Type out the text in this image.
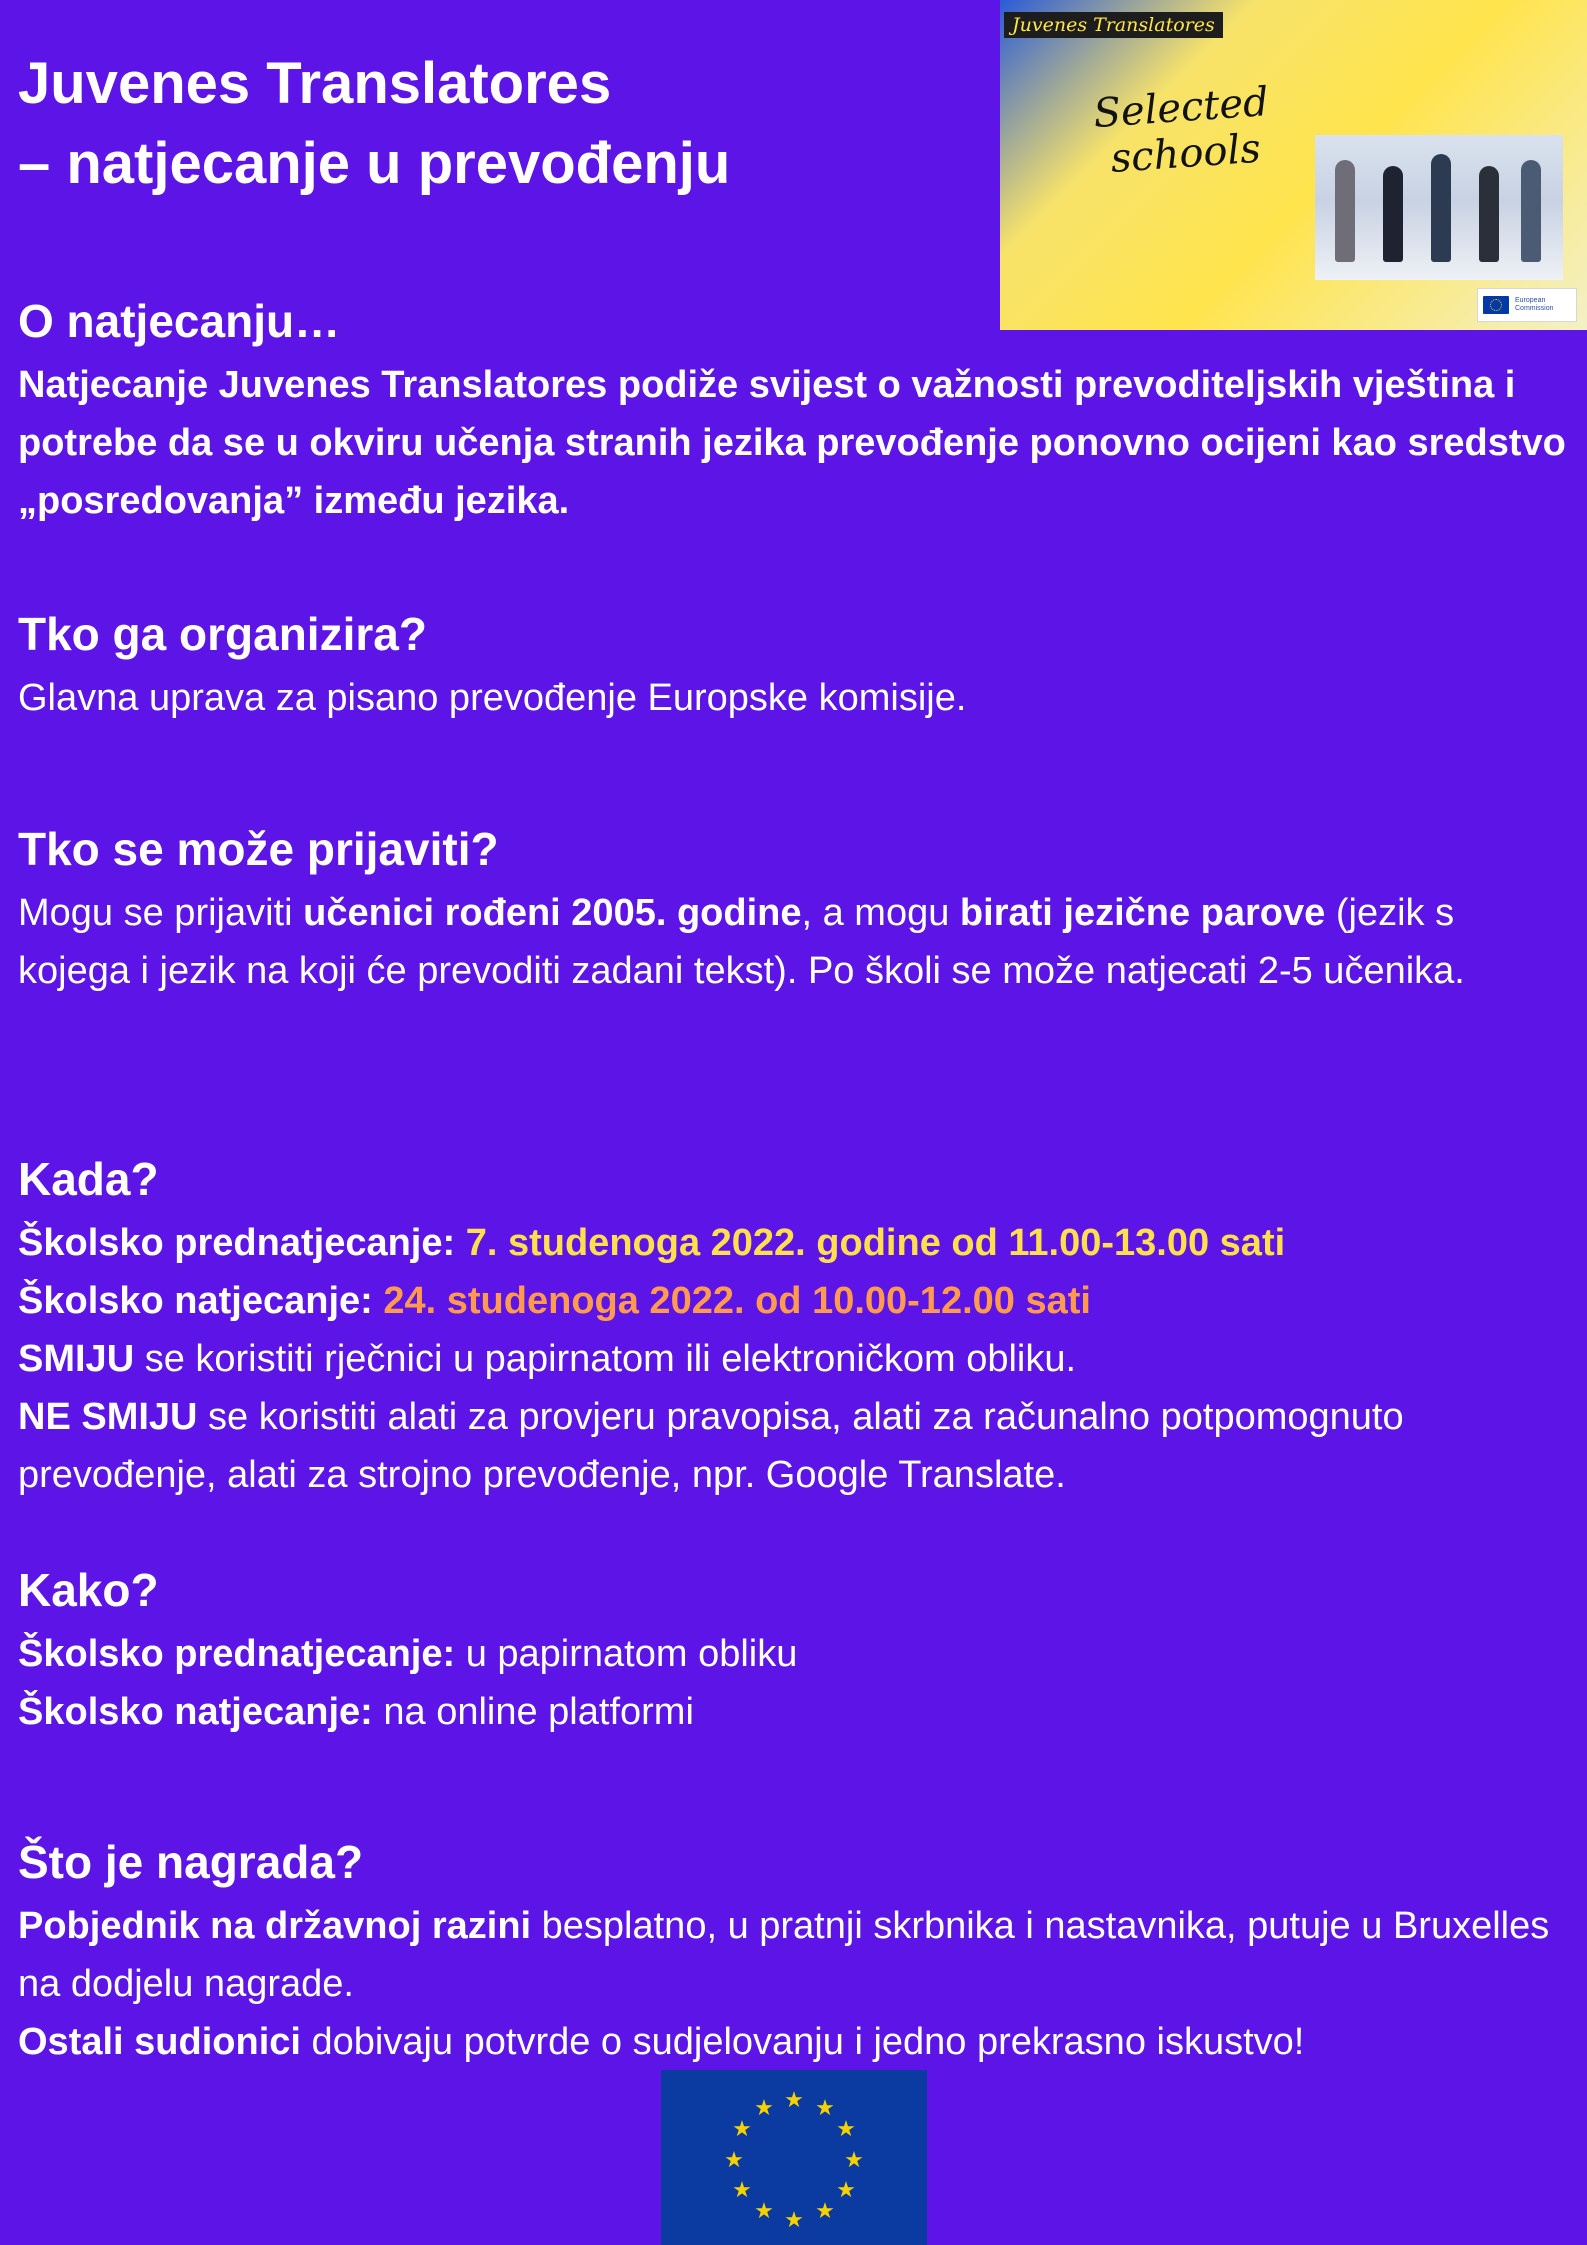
Juvenes Translatores
– natjecanje u prevođenju
Juvenes Translatores
Selected
schools
European
Commission
O natjecanju…

Natjecanje Juvenes Translatores podiže svijest o važnosti prevoditeljskih vještina i potrebe da se u okviru učenja stranih jezika prevođenje ponovno ocijeni kao sredstvo „posredovanja” između jezika.

Tko ga organizira?

Glavna uprava za pisano prevođenje Europske komisije.

Tko se može prijaviti?

Mogu se prijaviti učenici rođeni 2005. godine, a mogu birati jezične parove (jezik s kojega i jezik na koji će prevoditi zadani tekst). Po školi se može natjecati 2-5 učenika.

Kada?

Školsko prednatjecanje: 7. studenoga 2022. godine od 11.00-13.00 sati
Školsko natjecanje: 24. studenoga 2022. od 10.00-12.00 sati
SMIJU se koristiti rječnici u papirnatom ili elektroničkom obliku.
NE SMIJU se koristiti alati za provjeru pravopisa, alati za računalno potpomognuto prevođenje, alati za strojno prevođenje, npr. Google Translate.

Kako?

Školsko prednatjecanje: u papirnatom obliku
Školsko natjecanje: na online platformi

Što je nagrada?

Pobjednik na državnoj razini besplatno, u pratnji skrbnika i nastavnika, putuje u Bruxelles na dodjelu nagrade.
Ostali sudionici dobivaju potvrde o sudjelovanju i jedno prekrasno iskustvo!

★ ★
★
★
★
★
★
★
★
★
★
★
